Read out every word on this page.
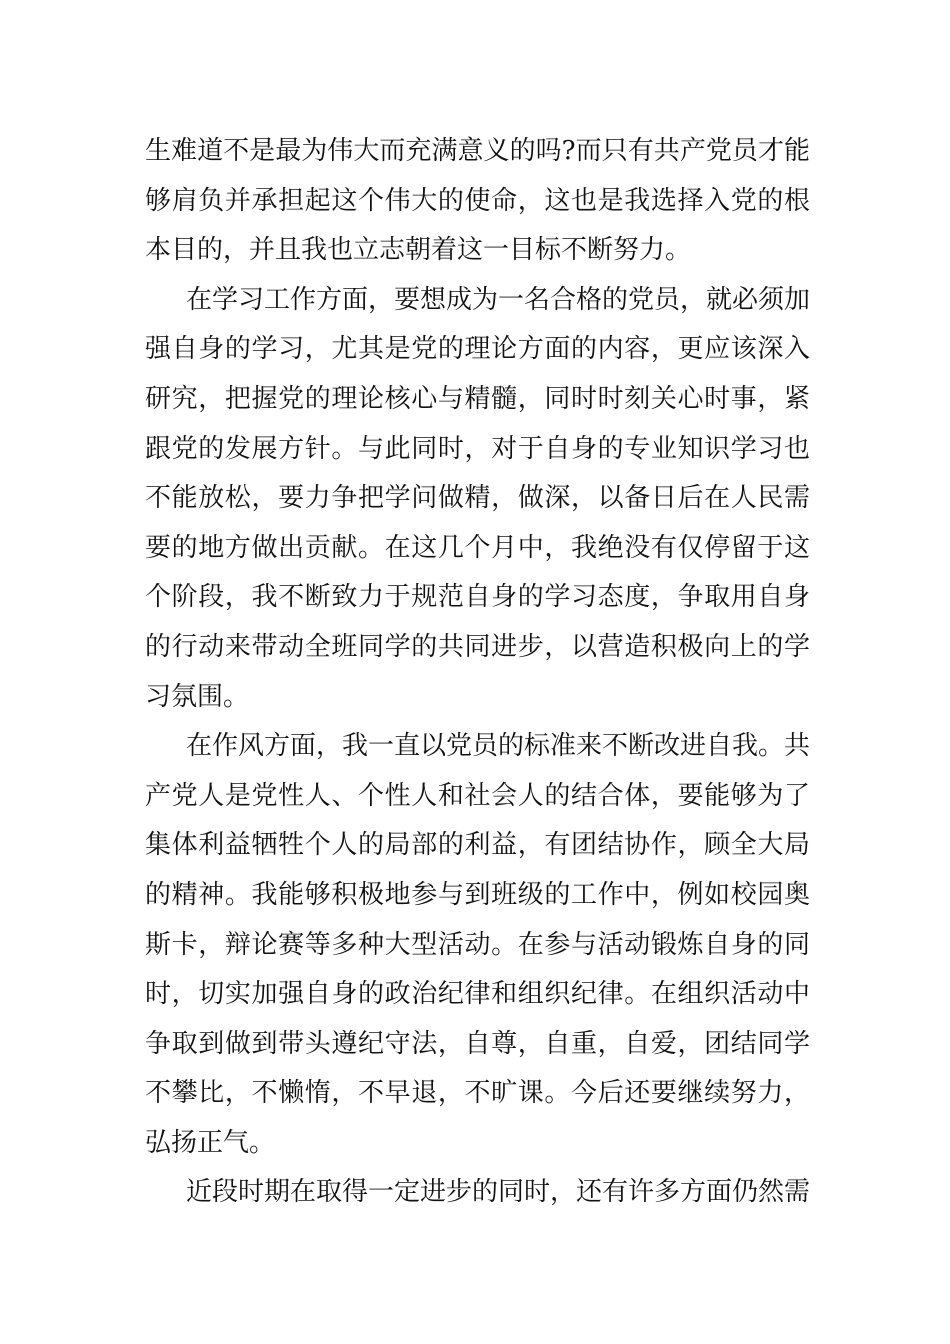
生难道不是最为伟大而充满意义的吗?而只有共产党员才能
够肩负并承担起这个伟大的使命，这也是我选择入党的根
本目的，并且我也立志朝着这一目标不断努力。
在学习工作方面，要想成为一名合格的党员，就必须加
强自身的学习，尤其是党的理论方面的内容，更应该深入
研究，把握党的理论核心与精髓，同时时刻关心时事，紧
跟党的发展方针。与此同时，对于自身的专业知识学习也
不能放松，要力争把学问做精，做深，以备日后在人民需
要的地方做出贡献。在这几个月中，我绝没有仅停留于这
个阶段，我不断致力于规范自身的学习态度，争取用自身
的行动来带动全班同学的共同进步，以营造积极向上的学
习氛围。
在作风方面，我一直以党员的标准来不断改进自我。共
产党人是党性人、个性人和社会人的结合体，要能够为了
集体利益牺牲个人的局部的利益，有团结协作，顾全大局
的精神。我能够积极地参与到班级的工作中，例如校园奥
斯卡，辩论赛等多种大型活动。在参与活动锻炼自身的同
时，切实加强自身的政治纪律和组织纪律。在组织活动中
争取到做到带头遵纪守法，自尊，自重，自爱，团结同学
不攀比，不懒惰，不早退，不旷课。今后还要继续努力，
弘扬正气。
近段时期在取得一定进步的同时，还有许多方面仍然需
